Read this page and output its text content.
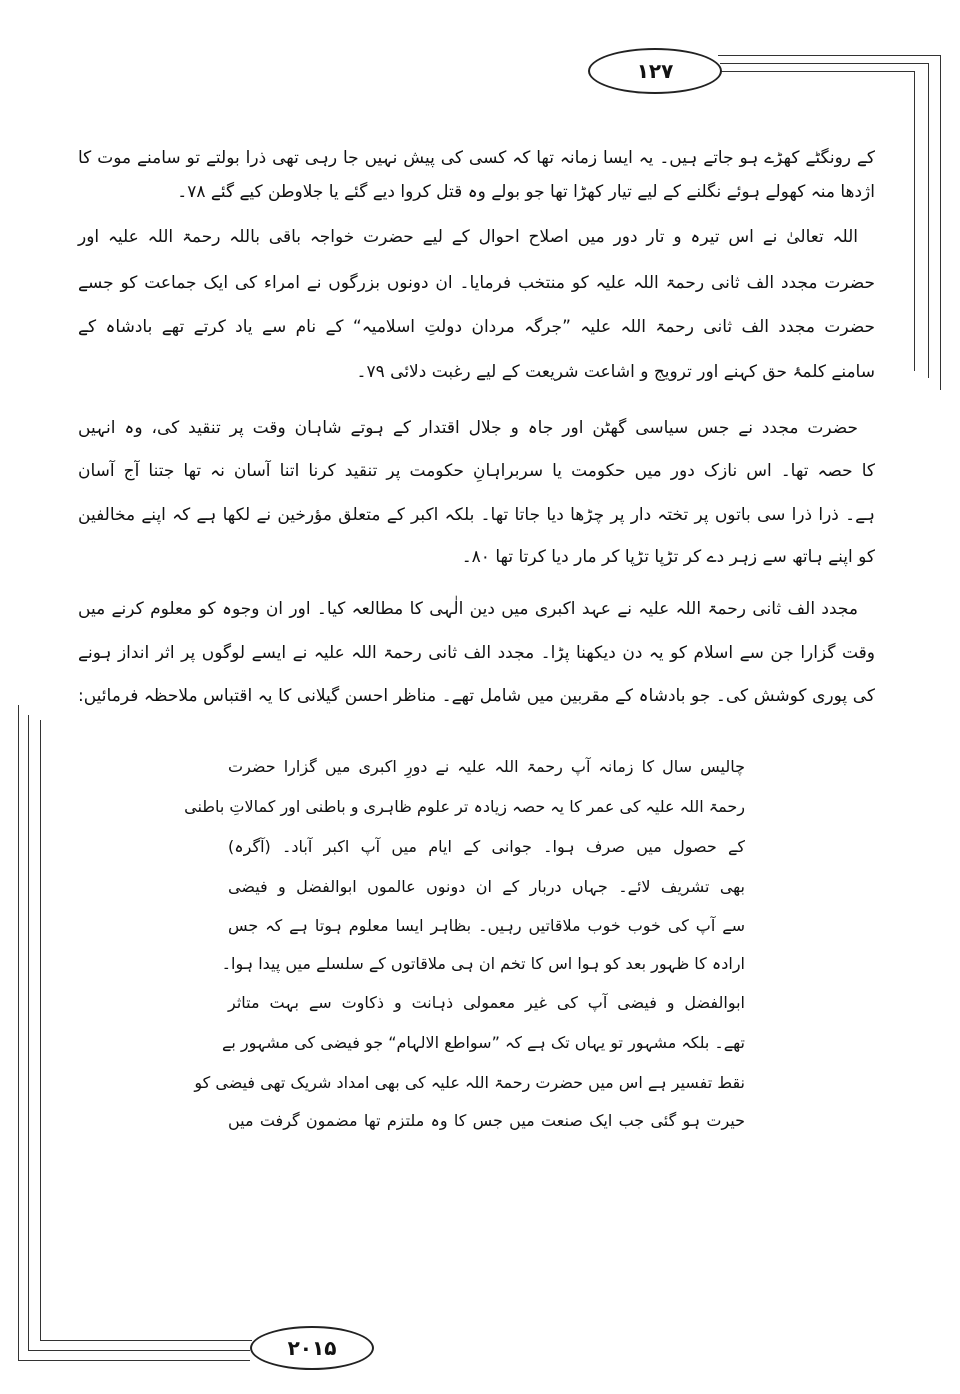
۱۲۷
۲۰۱۵
کے رونگٹے کھڑے ہو جاتے ہیں۔ یہ ایسا زمانہ تھا کہ کسی کی پیش نہیں جا رہی تھی ذرا بولتے تو سامنے موت کا
اژدھا منہ کھولے ہوئے نگلنے کے لیے تیار کھڑا تھا جو بولے وہ قتل کروا دیے گئے یا جلاوطن کیے گئے ۷۸۔
اللہ تعالیٰ نے اس تیرہ و تار دور میں اصلاح احوال کے لیے حضرت خواجہ باقی باللہ رحمۃ اللہ علیہ اور
حضرت مجدد الف ثانی رحمۃ اللہ علیہ کو منتخب فرمایا۔ ان دونوں بزرگوں نے امراء کی ایک جماعت کو جسے
حضرت مجدد الف ثانی رحمۃ اللہ علیہ ”جرگہ مردان دولتِ اسلامیہ“ کے نام سے یاد کرتے تھے بادشاہ کے
سامنے کلمۂ حق کہنے اور ترویج و اشاعت شریعت کے لیے رغبت دلائی ۷۹۔
حضرت مجدد نے جس سیاسی گھٹن اور جاہ و جلال اقتدار کے ہوتے شاہان وقت پر تنقید کی، وہ انہیں
کا حصہ تھا۔ اس نازک دور میں حکومت یا سربراہانِ حکومت پر تنقید کرنا اتنا آسان نہ تھا جتنا آج آسان
ہے۔ ذرا ذرا سی باتوں پر تختہ دار پر چڑھا دیا جاتا تھا۔ بلکہ اکبر کے متعلق مؤرخین نے لکھا ہے کہ اپنے مخالفین
کو اپنے ہاتھ سے زہر دے کر تڑپا تڑپا کر مار دیا کرتا تھا ۸۰۔
مجدد الف ثانی رحمۃ اللہ علیہ نے عہد اکبری میں دین الٰہی کا مطالعہ کیا۔ اور ان وجوہ کو معلوم کرنے میں
وقت گزارا جن سے اسلام کو یہ دن دیکھنا پڑا۔ مجدد الف ثانی رحمۃ اللہ علیہ نے ایسے لوگوں پر اثر انداز ہونے
کی پوری کوشش کی۔ جو بادشاہ کے مقربین میں شامل تھے۔ مناظر احسن گیلانی کا یہ اقتباس ملاحظہ فرمائیں:
چالیس سال کا زمانہ آپ رحمۃ اللہ علیہ نے دورِ اکبری میں گزارا حضرت
رحمۃ اللہ علیہ کی عمر کا یہ حصہ زیادہ تر علوم ظاہری و باطنی اور کمالاتِ باطنی
کے حصول میں صرف ہوا۔ جوانی کے ایام میں آپ اکبر آباد۔ (آگرہ)
بھی تشریف لائے۔ جہاں دربار کے ان دونوں عالموں ابوالفضل و فیضی
سے آپ کی خوب خوب ملاقاتیں رہیں۔ بظاہر ایسا معلوم ہوتا ہے کہ جس
ارادہ کا ظہور بعد کو ہوا اس کا تخم ان ہی ملاقاتوں کے سلسلے میں پیدا ہوا۔
ابوالفضل و فیضی آپ کی غیر معمولی ذہانت و ذکاوت سے بہت متاثر
تھے۔ بلکہ مشہور تو یہاں تک ہے کہ ”سواطع الالہام“ جو فیضی کی مشہور بے
نقط تفسیر ہے اس میں حضرت رحمۃ اللہ علیہ کی بھی امداد شریک تھی فیضی کو
حیرت ہو گئی جب ایک صنعت میں جس کا وہ ملتزم تھا مضمون گرفت میں
